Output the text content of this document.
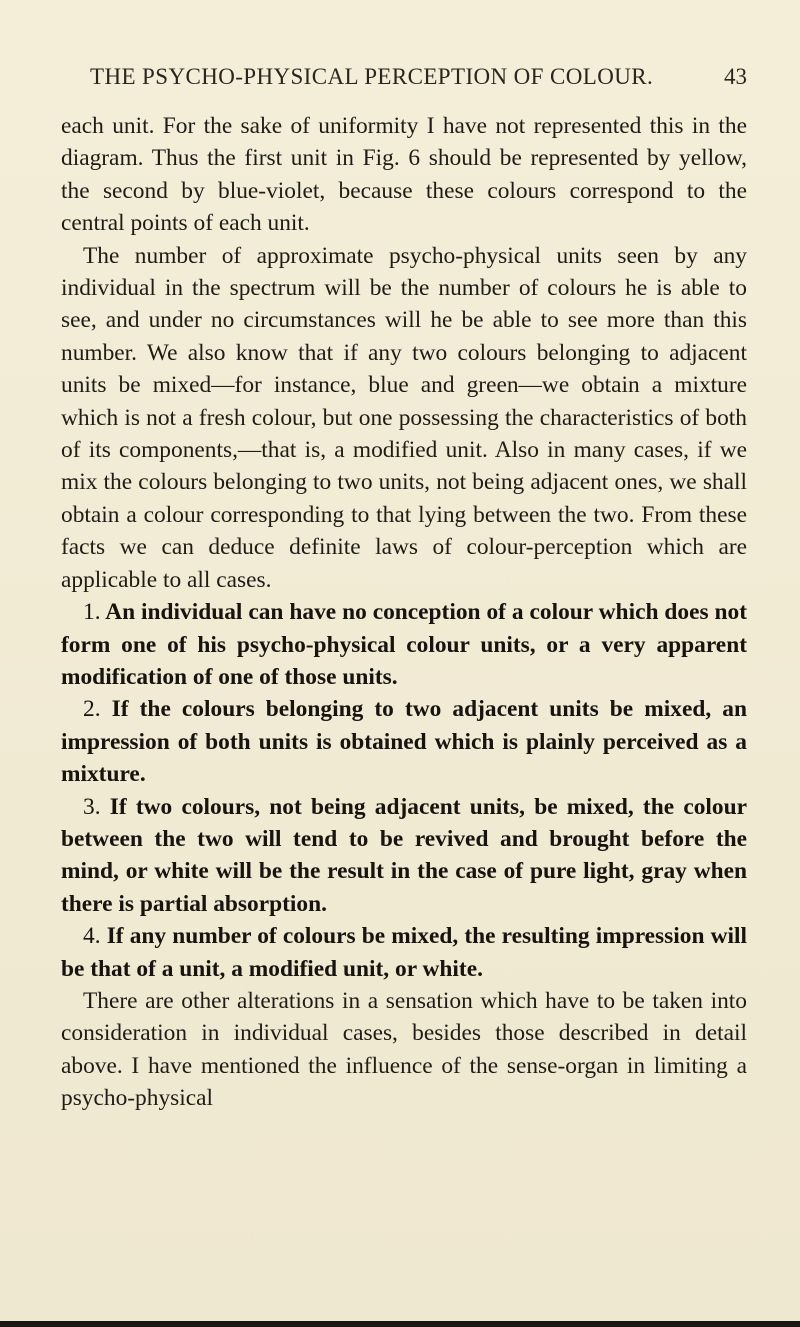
THE PSYCHO-PHYSICAL PERCEPTION OF COLOUR.	43

each unit. For the sake of uniformity I have not represented this in the diagram. Thus the first unit in Fig. 6 should be represented by yellow, the second by blue-violet, because these colours correspond to the central points of each unit.

The number of approximate psycho-physical units seen by any individual in the spectrum will be the number of colours he is able to see, and under no circumstances will he be able to see more than this number. We also know that if any two colours belonging to adjacent units be mixed—for instance, blue and green—we obtain a mixture which is not a fresh colour, but one possessing the characteristics of both of its components,—that is, a modified unit. Also in many cases, if we mix the colours belonging to two units, not being adjacent ones, we shall obtain a colour corresponding to that lying between the two. From these facts we can deduce definite laws of colour-perception which are applicable to all cases.

1. An individual can have no conception of a colour which does not form one of his psycho-physical colour units, or a very apparent modification of one of those units.

2. If the colours belonging to two adjacent units be mixed, an impression of both units is obtained which is plainly perceived as a mixture.

3. If two colours, not being adjacent units, be mixed, the colour between the two will tend to be revived and brought before the mind, or white will be the result in the case of pure light, gray when there is partial absorption.

4. If any number of colours be mixed, the resulting impression will be that of a unit, a modified unit, or white.

There are other alterations in a sensation which have to be taken into consideration in individual cases, besides those described in detail above. I have mentioned the influence of the sense-organ in limiting a psycho-physical
